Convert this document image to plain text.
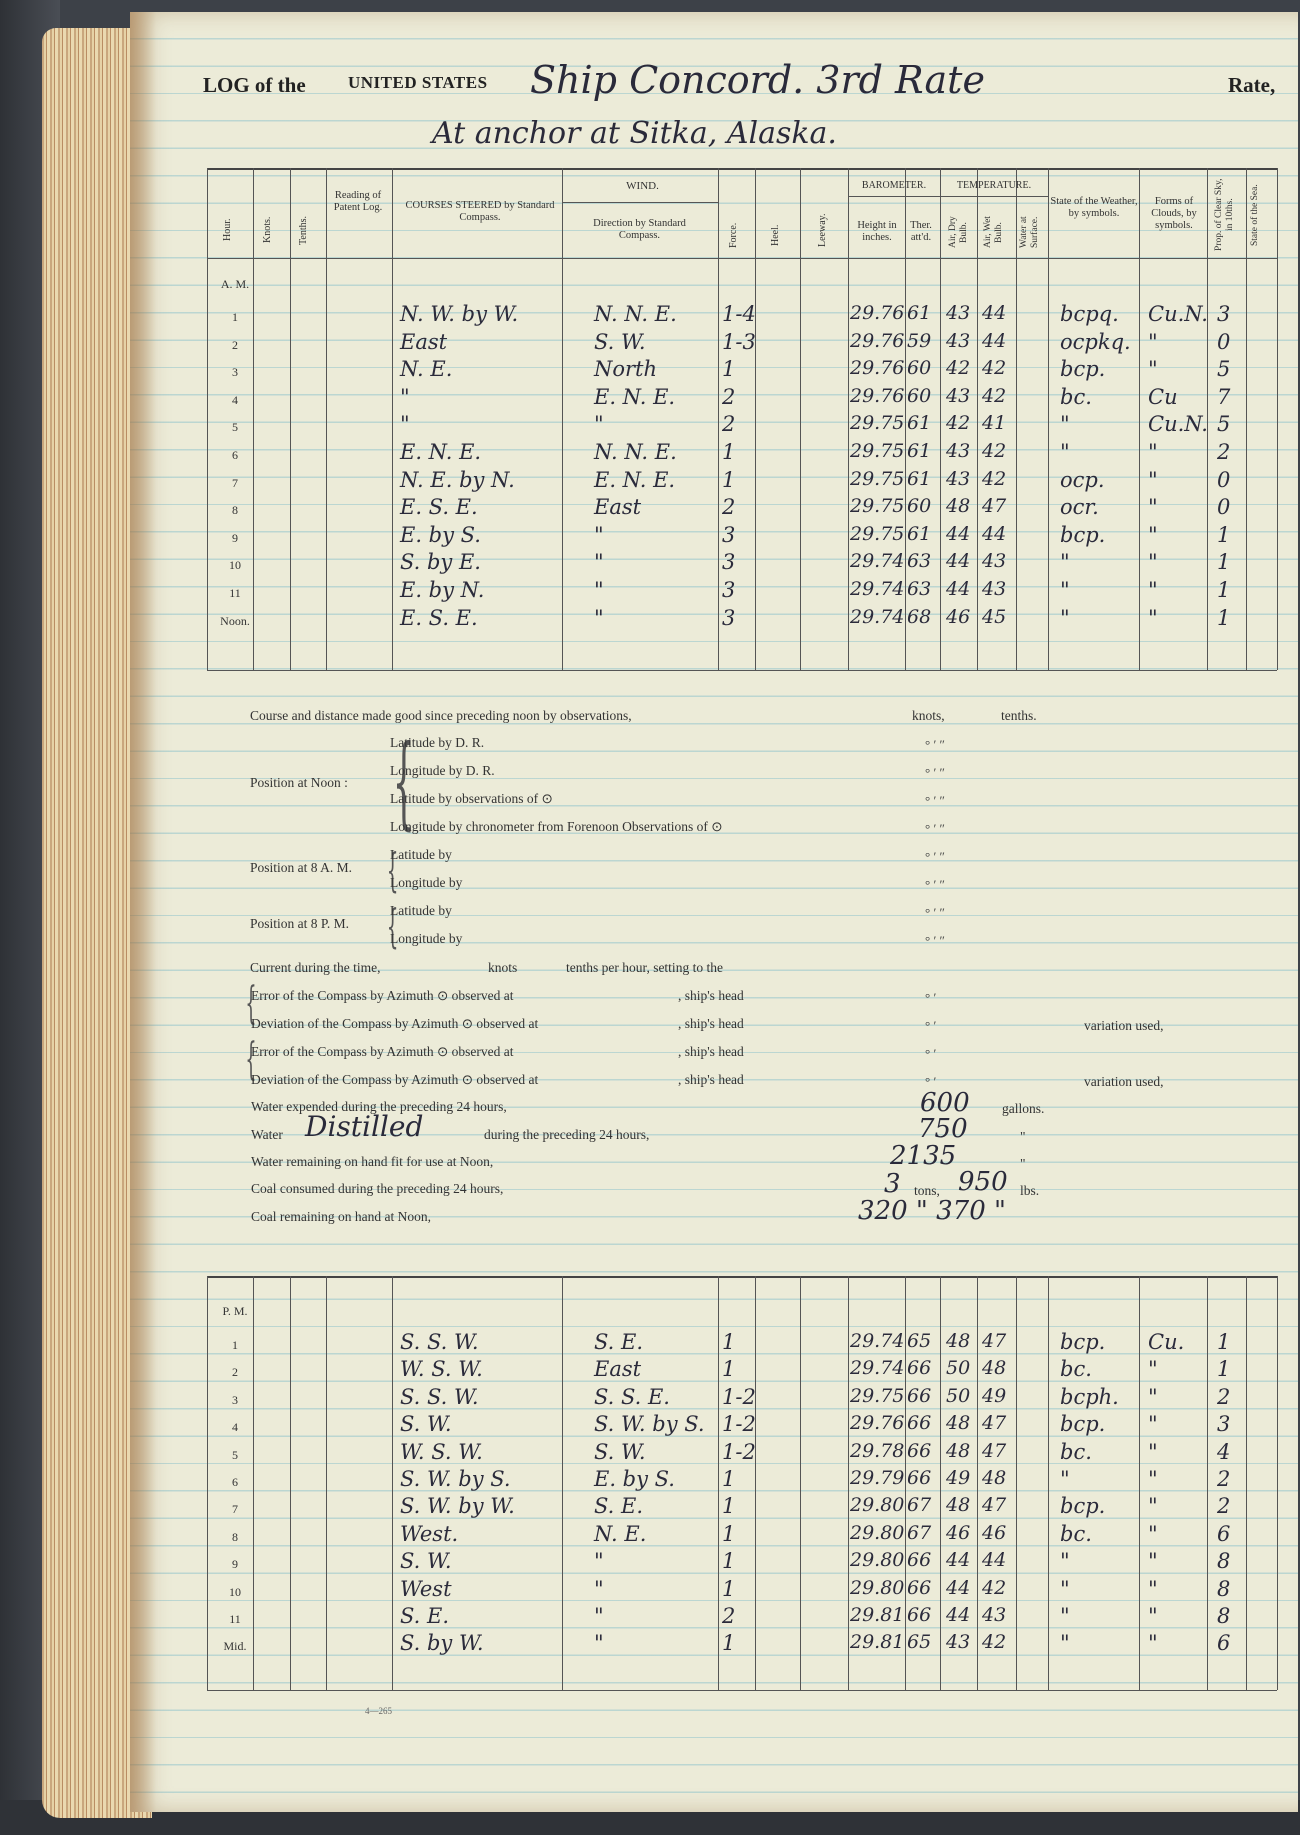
LOG of the UNITED STATES Ship Concord. 3rd Rate	Rate,
At anchor at Sitka, Alaska.
Hour.	Knots.	Tenths.
Reading of Patent Log.	COURSES STEERED by Standard Compass.
WIND.
Direction by Standard Compass.	Force.	Heel.	Leeway.
BAROMETER.	TEMPERATURE.
Height in inches.
Ther. att'd.	Air, Dry Bulb. Air, Wet Bulb. Water at Surface.
State of the Weather, by symbols.
Forms of Clouds, by symbols.	Prop. of Clear Sky, in 10ths. State of the Sea.
A. M.
P. M.
1	N. W. by W.	N. N. E. 1-4	29.76 61 43 44	bcpq. Cu.N. 3
2	East	S. W.	1-3	29.76 59 43 44	ocpkq. "	0
3	N. E.	North	1	29.76 60 42 42	bcp. "	5
4	"	E. N. E. 2	29.76 60 43 42	bc.	Cu 7
5	"	"	2	29.75 61 42 41	"	Cu.N. 5
6	E. N. E.	N. N. E. 1	29.75 61 43 42	"	"	2
7	N. E. by N.	E. N. E. 1	29.75 61 43 42	ocp. "	0
8	E. S. E.	East	2	29.75 60 48 47	ocr. "	0
9	E. by S.	"	3	29.75 61 44 44	bcp. "	1
10	S. by E.	"	3	29.74 63 44 43	"	"	1
11	E. by N.	"	3	29.74 63 44 43	"	"	1
Noon.	E. S. E.	"	3	29.74 68 46 45	"	"	1
1	S. S. W.	S. E.	1	29.74 65 48 47	bcp. Cu. 1
2	W. S. W.	East	1	29.74 66 50 48	bc.	"	1
3	S. S. W.	S. S. E. 1-2	29.75 66 50 49	bcph. "	2
4	S. W.	S. W. by S. 1-2	29.76 66 48 47	bcp. "	3
5	W. S. W.	S. W.	1-2	29.78 66 48 47	bc.	"	4
6	S. W. by S.	E. by S. 1	29.79 66 49 48	"	"	2
7	S. W. by W.	S. E.	1	29.80 67 48 47	bcp. "	2
8	West.	N. E.	1	29.80 67 46 46	bc.	"	6
9	S. W.	"	1	29.80 66 44 44	"	"	8
10	West	"	1	29.80 66 44 42	"	"	8
11	S. E.	"	2	29.81 66 44 43	"	"	8
Mid.	S. by W.	"	1	29.81 65 43 42	"	"	6
Course and distance made good since preceding noon by observations,	knots,	tenths.
Position at Noon : {
Latitude by D. R.
Longitude by D. R.
Latitude by observations of ⊙
Longitude by chronometer from Forenoon Observations of ⊙
Position at 8 A. M. {
Latitude by
Longitude by
Position at 8 P. M. {
Latitude by
Longitude by
° ′ ″
° ′ ″
° ′ ″
° ′ ″
° ′ ″
° ′ ″
° ′ ″
° ′ ″
° ′
° ′
° ′
° ′
Current during the time,	knots	tenths per hour, setting to the
{
Error of the Compass by Azimuth ⊙ observed at	, ship's head
Deviation of the Compass by Azimuth ⊙ observed at	, ship's head	variation used,
{
Error of the Compass by Azimuth ⊙ observed at	, ship's head
Deviation of the Compass by Azimuth ⊙ observed at	, ship's head	variation used,
Water expended during the preceding 24 hours,	600 gallons.
Water Distilled	during the preceding 24 hours,	750	"
Water remaining on hand fit for use at Noon,	2135	"
Coal consumed during the preceding 24 hours,	3 tons, 950 lbs.
Coal remaining on hand at Noon,	320 " 370 "
4—265
